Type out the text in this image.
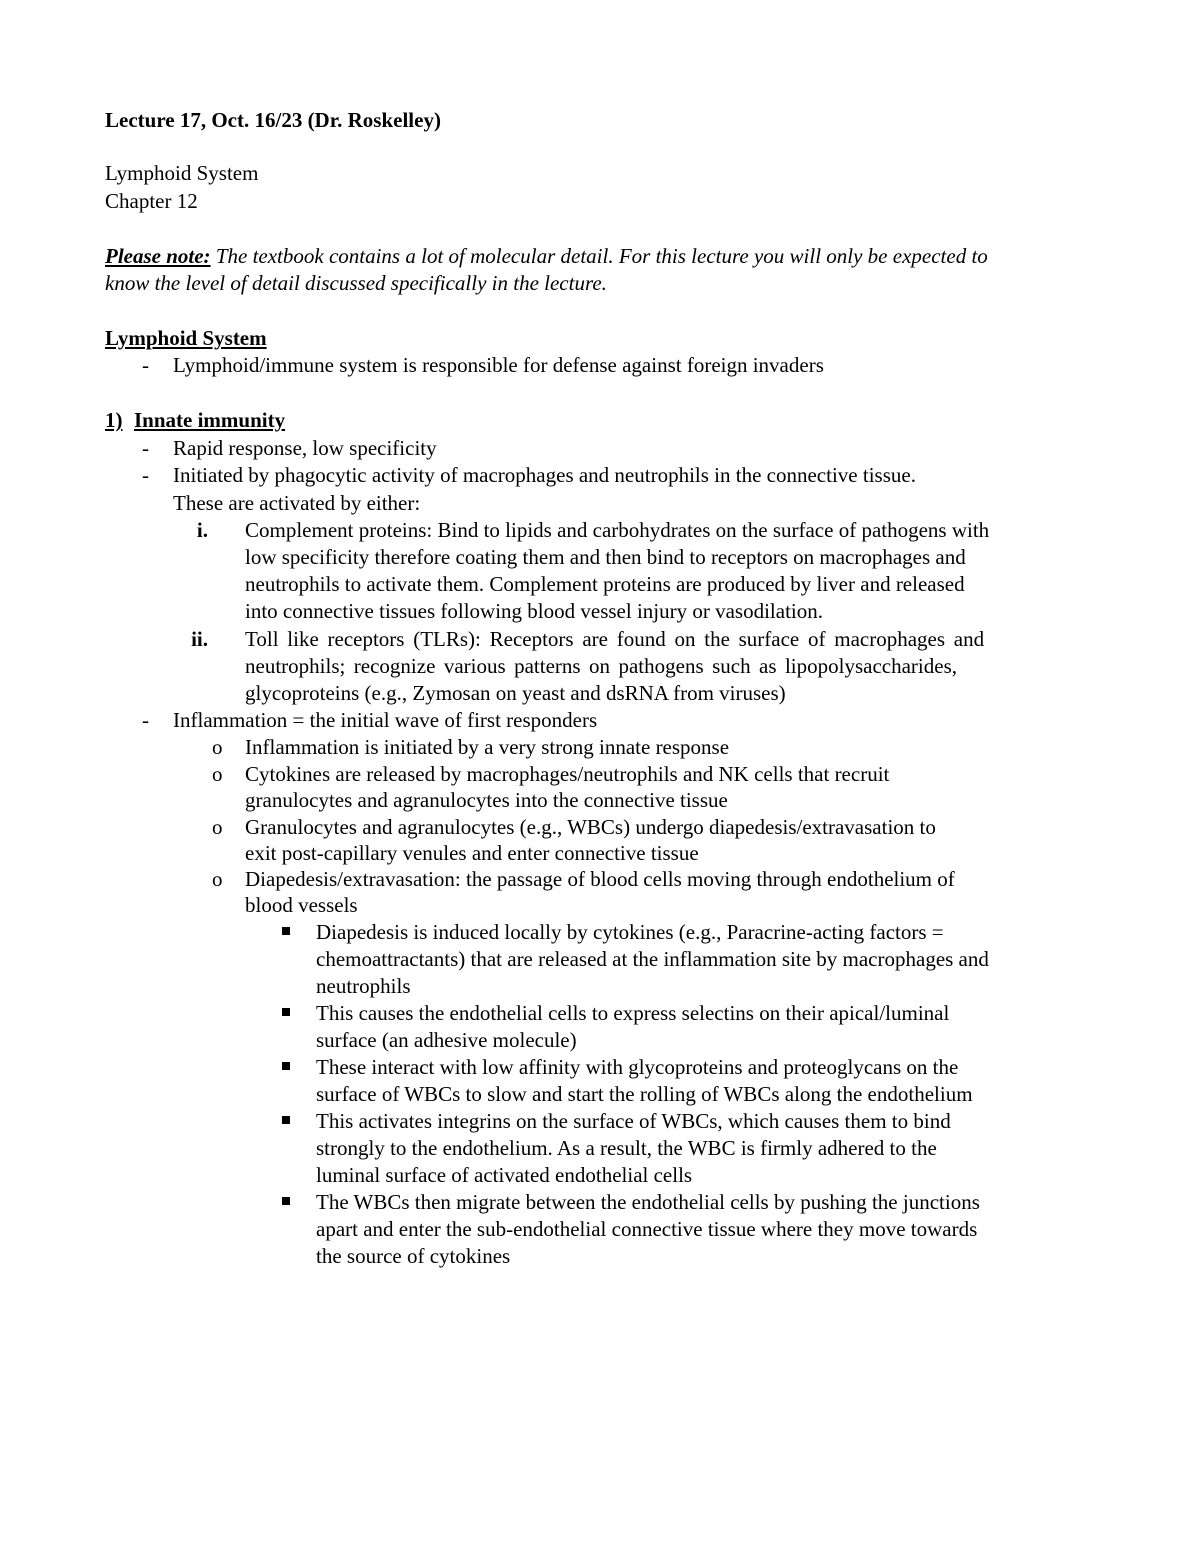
Lecture 17, Oct. 16/23 (Dr. Roskelley)
Lymphoid System
Chapter 12
Please note: The textbook contains a lot of molecular detail. For this lecture you will only be expected to
know the level of detail discussed specifically in the lecture.
Lymphoid System
- Lymphoid/immune system is responsible for defense against foreign invaders
1) Innate immunity
- Rapid response, low specificity
- Initiated by phagocytic activity of macrophages and neutrophils in the connective tissue.
These are activated by either:
i. Complement proteins: Bind to lipids and carbohydrates on the surface of pathogens with
low specificity therefore coating them and then bind to receptors on macrophages and
neutrophils to activate them. Complement proteins are produced by liver and released
into connective tissues following blood vessel injury or vasodilation.
ii. Toll like receptors (TLRs): Receptors are found on the surface of macrophages and
neutrophils; recognize various patterns on pathogens such as lipopolysaccharides,
glycoproteins (e.g., Zymosan on yeast and dsRNA from viruses)
- Inflammation = the initial wave of first responders
o Inflammation is initiated by a very strong innate response
o Cytokines are released by macrophages/neutrophils and NK cells that recruit
granulocytes and agranulocytes into the connective tissue
o Granulocytes and agranulocytes (e.g., WBCs) undergo diapedesis/extravasation to
exit post-capillary venules and enter connective tissue
o Diapedesis/extravasation: the passage of blood cells moving through endothelium of
blood vessels
Diapedesis is induced locally by cytokines (e.g., Paracrine-acting factors =
chemoattractants) that are released at the inflammation site by macrophages and
neutrophils
This causes the endothelial cells to express selectins on their apical/luminal
surface (an adhesive molecule)
These interact with low affinity with glycoproteins and proteoglycans on the
surface of WBCs to slow and start the rolling of WBCs along the endothelium
This activates integrins on the surface of WBCs, which causes them to bind
strongly to the endothelium. As a result, the WBC is firmly adhered to the
luminal surface of activated endothelial cells
The WBCs then migrate between the endothelial cells by pushing the junctions
apart and enter the sub-endothelial connective tissue where they move towards
the source of cytokines
